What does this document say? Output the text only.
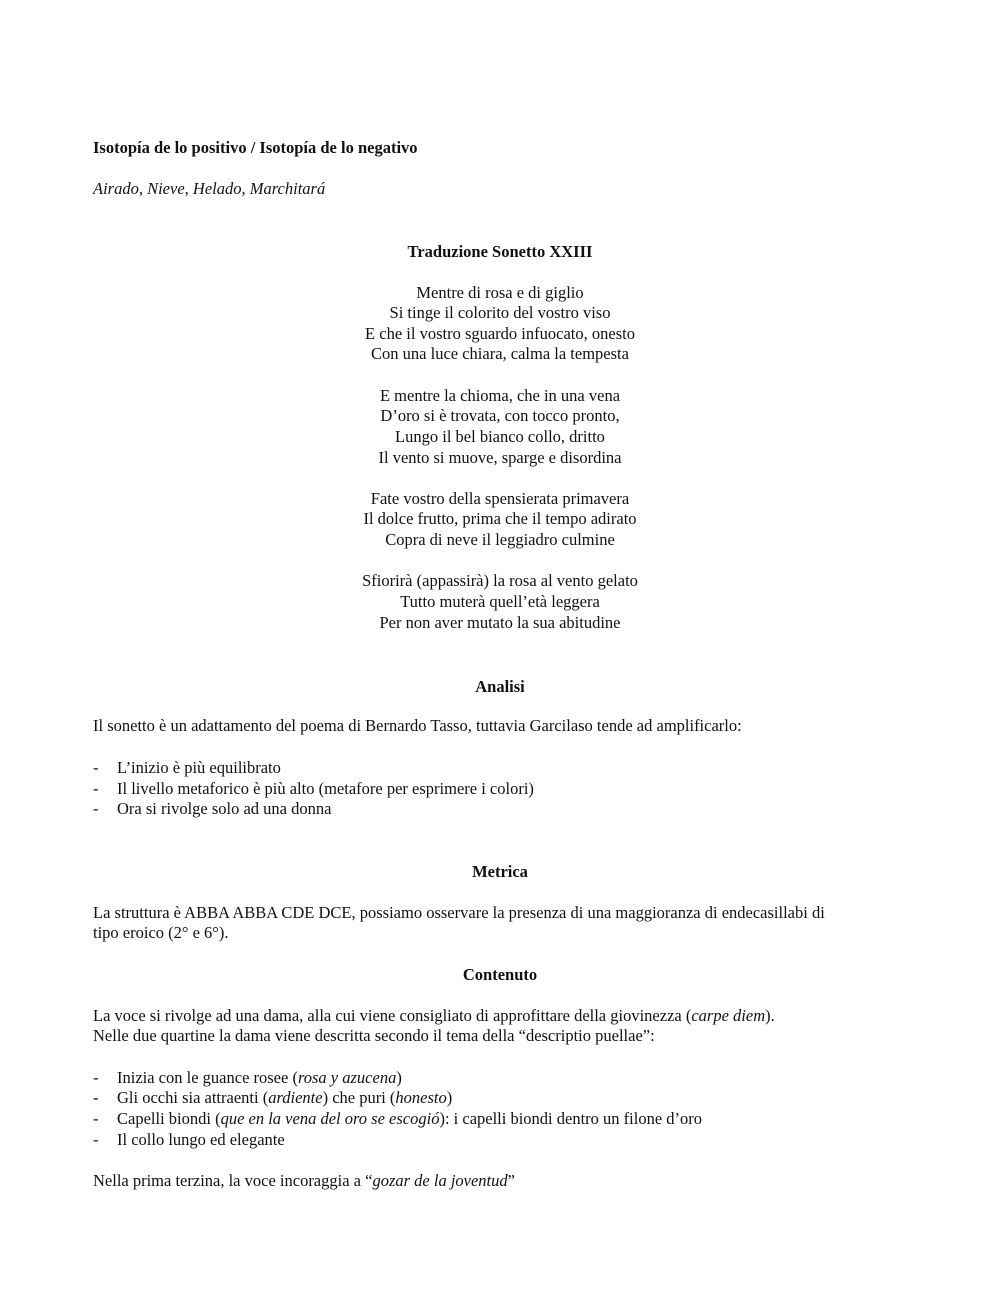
Isotopía de lo positivo / Isotopía de lo negativo
Airado, Nieve, Helado, Marchitará
Traduzione Sonetto XXIII
Mentre di rosa e di giglio
Si tinge il colorito del vostro viso
E che il vostro sguardo infuocato, onesto
Con una luce chiara, calma la tempesta
E mentre la chioma, che in una vena
D’oro si è trovata, con tocco pronto,
Lungo il bel bianco collo, dritto
Il vento si muove, sparge e disordina
Fate vostro della spensierata primavera
Il dolce frutto, prima che il tempo adirato
Copra di neve il leggiadro culmine
Sfiorirà (appassirà) la rosa al vento gelato
Tutto muterà quell’età leggera
Per non aver mutato la sua abitudine
Analisi
Il sonetto è un adattamento del poema di Bernardo Tasso, tuttavia Garcilaso tende ad amplificarlo:
- L’inizio è più equilibrato
- Il livello metaforico è più alto (metafore per esprimere i colori)
- Ora si rivolge solo ad una donna
Metrica
La struttura è ABBA ABBA CDE DCE, possiamo osservare la presenza di una maggioranza di endecasillabi di
tipo eroico (2° e 6°).
Contenuto
La voce si rivolge ad una dama, alla cui viene consigliato di approfittare della giovinezza (carpe diem).
Nelle due quartine la dama viene descritta secondo il tema della “descriptio puellae”:
- Inizia con le guance rosee (rosa y azucena)
- Gli occhi sia attraenti (ardiente) che puri (honesto)
- Capelli biondi (que en la vena del oro se escogió): i capelli biondi dentro un filone d’oro
- Il collo lungo ed elegante
Nella prima terzina, la voce incoraggia a “gozar de la joventud”
